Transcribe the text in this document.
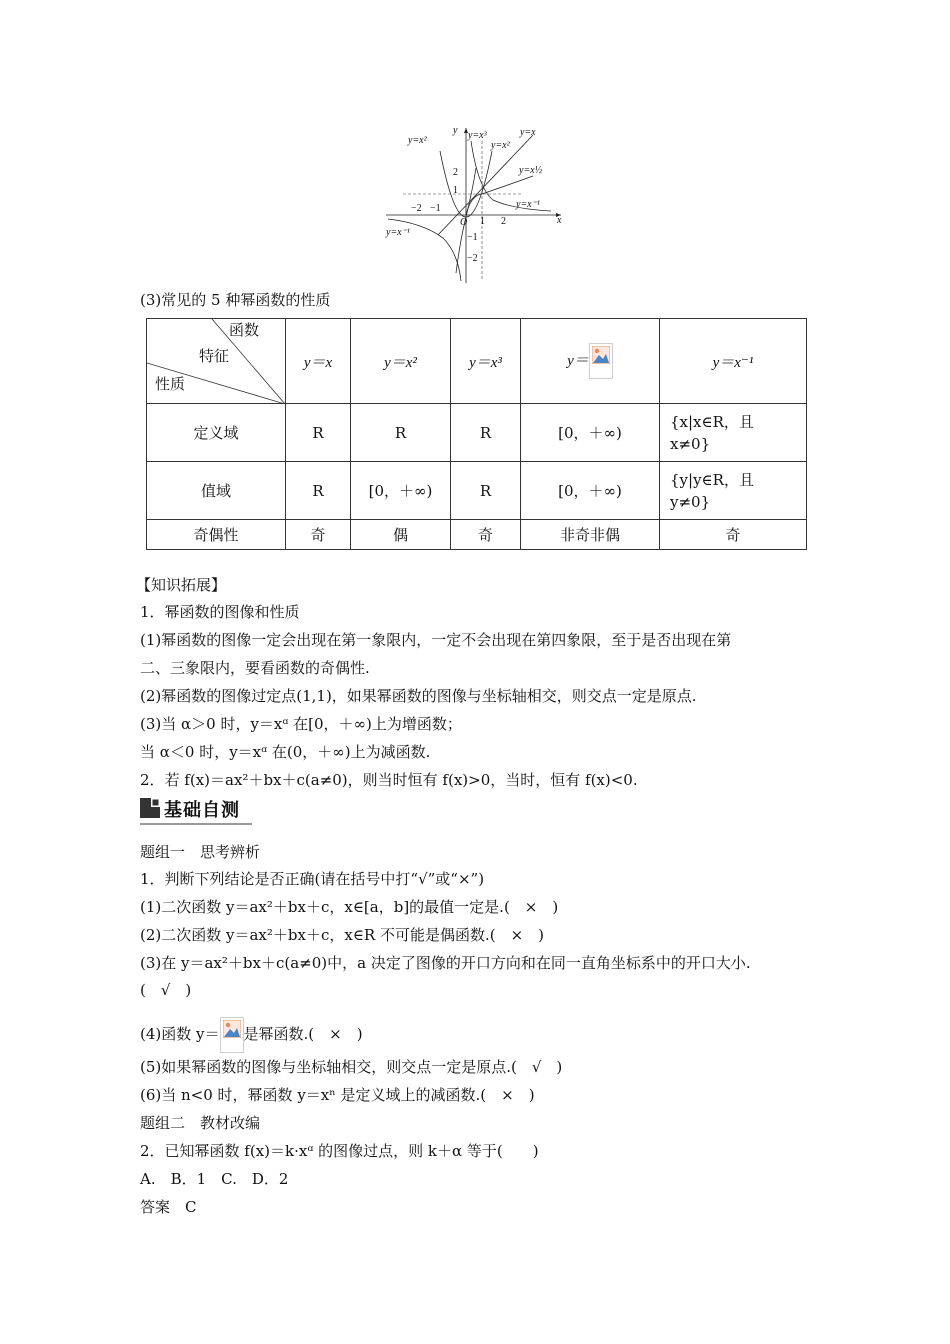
y=x²
y y=x³	y=x
y=x²
y=x½
y=x⁻¹
y=x⁻¹
x
O
−2 −1
1 2
2
1
−1
−2
(3)常见的 5 种幂函数的性质
函数
特征
性质	y＝x	y＝x²	y＝x³	y＝	y＝x⁻¹
定义域	R	R	R	[0，＋∞)	{x|x∈R，且
x≠0}

值域	R	[0，＋∞)	R	[0，＋∞)	{y|y∈R，且
y≠0}

奇偶性	奇	偶	奇	非奇非偶	奇
【知识拓展】
1．幂函数的图像和性质
(1)幂函数的图像一定会出现在第一象限内，一定不会出现在第四象限，至于是否出现在第
二、三象限内，要看函数的奇偶性.
(2)幂函数的图像过定点(1,1)，如果幂函数的图像与坐标轴相交，则交点一定是原点.
(3)当 α＞0 时，y＝xᵅ 在[0，＋∞)上为增函数；
当 α＜0 时，y＝xᵅ 在(0，＋∞)上为减函数.
2．若 f(x)＝ax²＋bx＋c(a≠0)，则当时恒有 f(x)>0，当时，恒有 f(x)<0.
基础自测
题组一　思考辨析
1．判断下列结论是否正确(请在括号中打“√”或“×”)
(1)二次函数 y＝ax²＋bx＋c，x∈[a，b]的最值一定是.(　×　)
(2)二次函数 y＝ax²＋bx＋c，x∈R 不可能是偶函数.(　×　)
(3)在 y＝ax²＋bx＋c(a≠0)中，a 决定了图像的开口方向和在同一直角坐标系中的开口大小.
(　√　)
(4)函数 y＝ 是幂函数.(　×　)
(5)如果幂函数的图像与坐标轴相交，则交点一定是原点.(　√　)
(6)当 n<0 时，幂函数 y＝xⁿ 是定义域上的减函数.(　×　)
题组二　教材改编
2．已知幂函数 f(x)＝k·xᵅ 的图像过点，则 k＋α 等于(　　)
A.　B．1　C.　D．2
答案　C
